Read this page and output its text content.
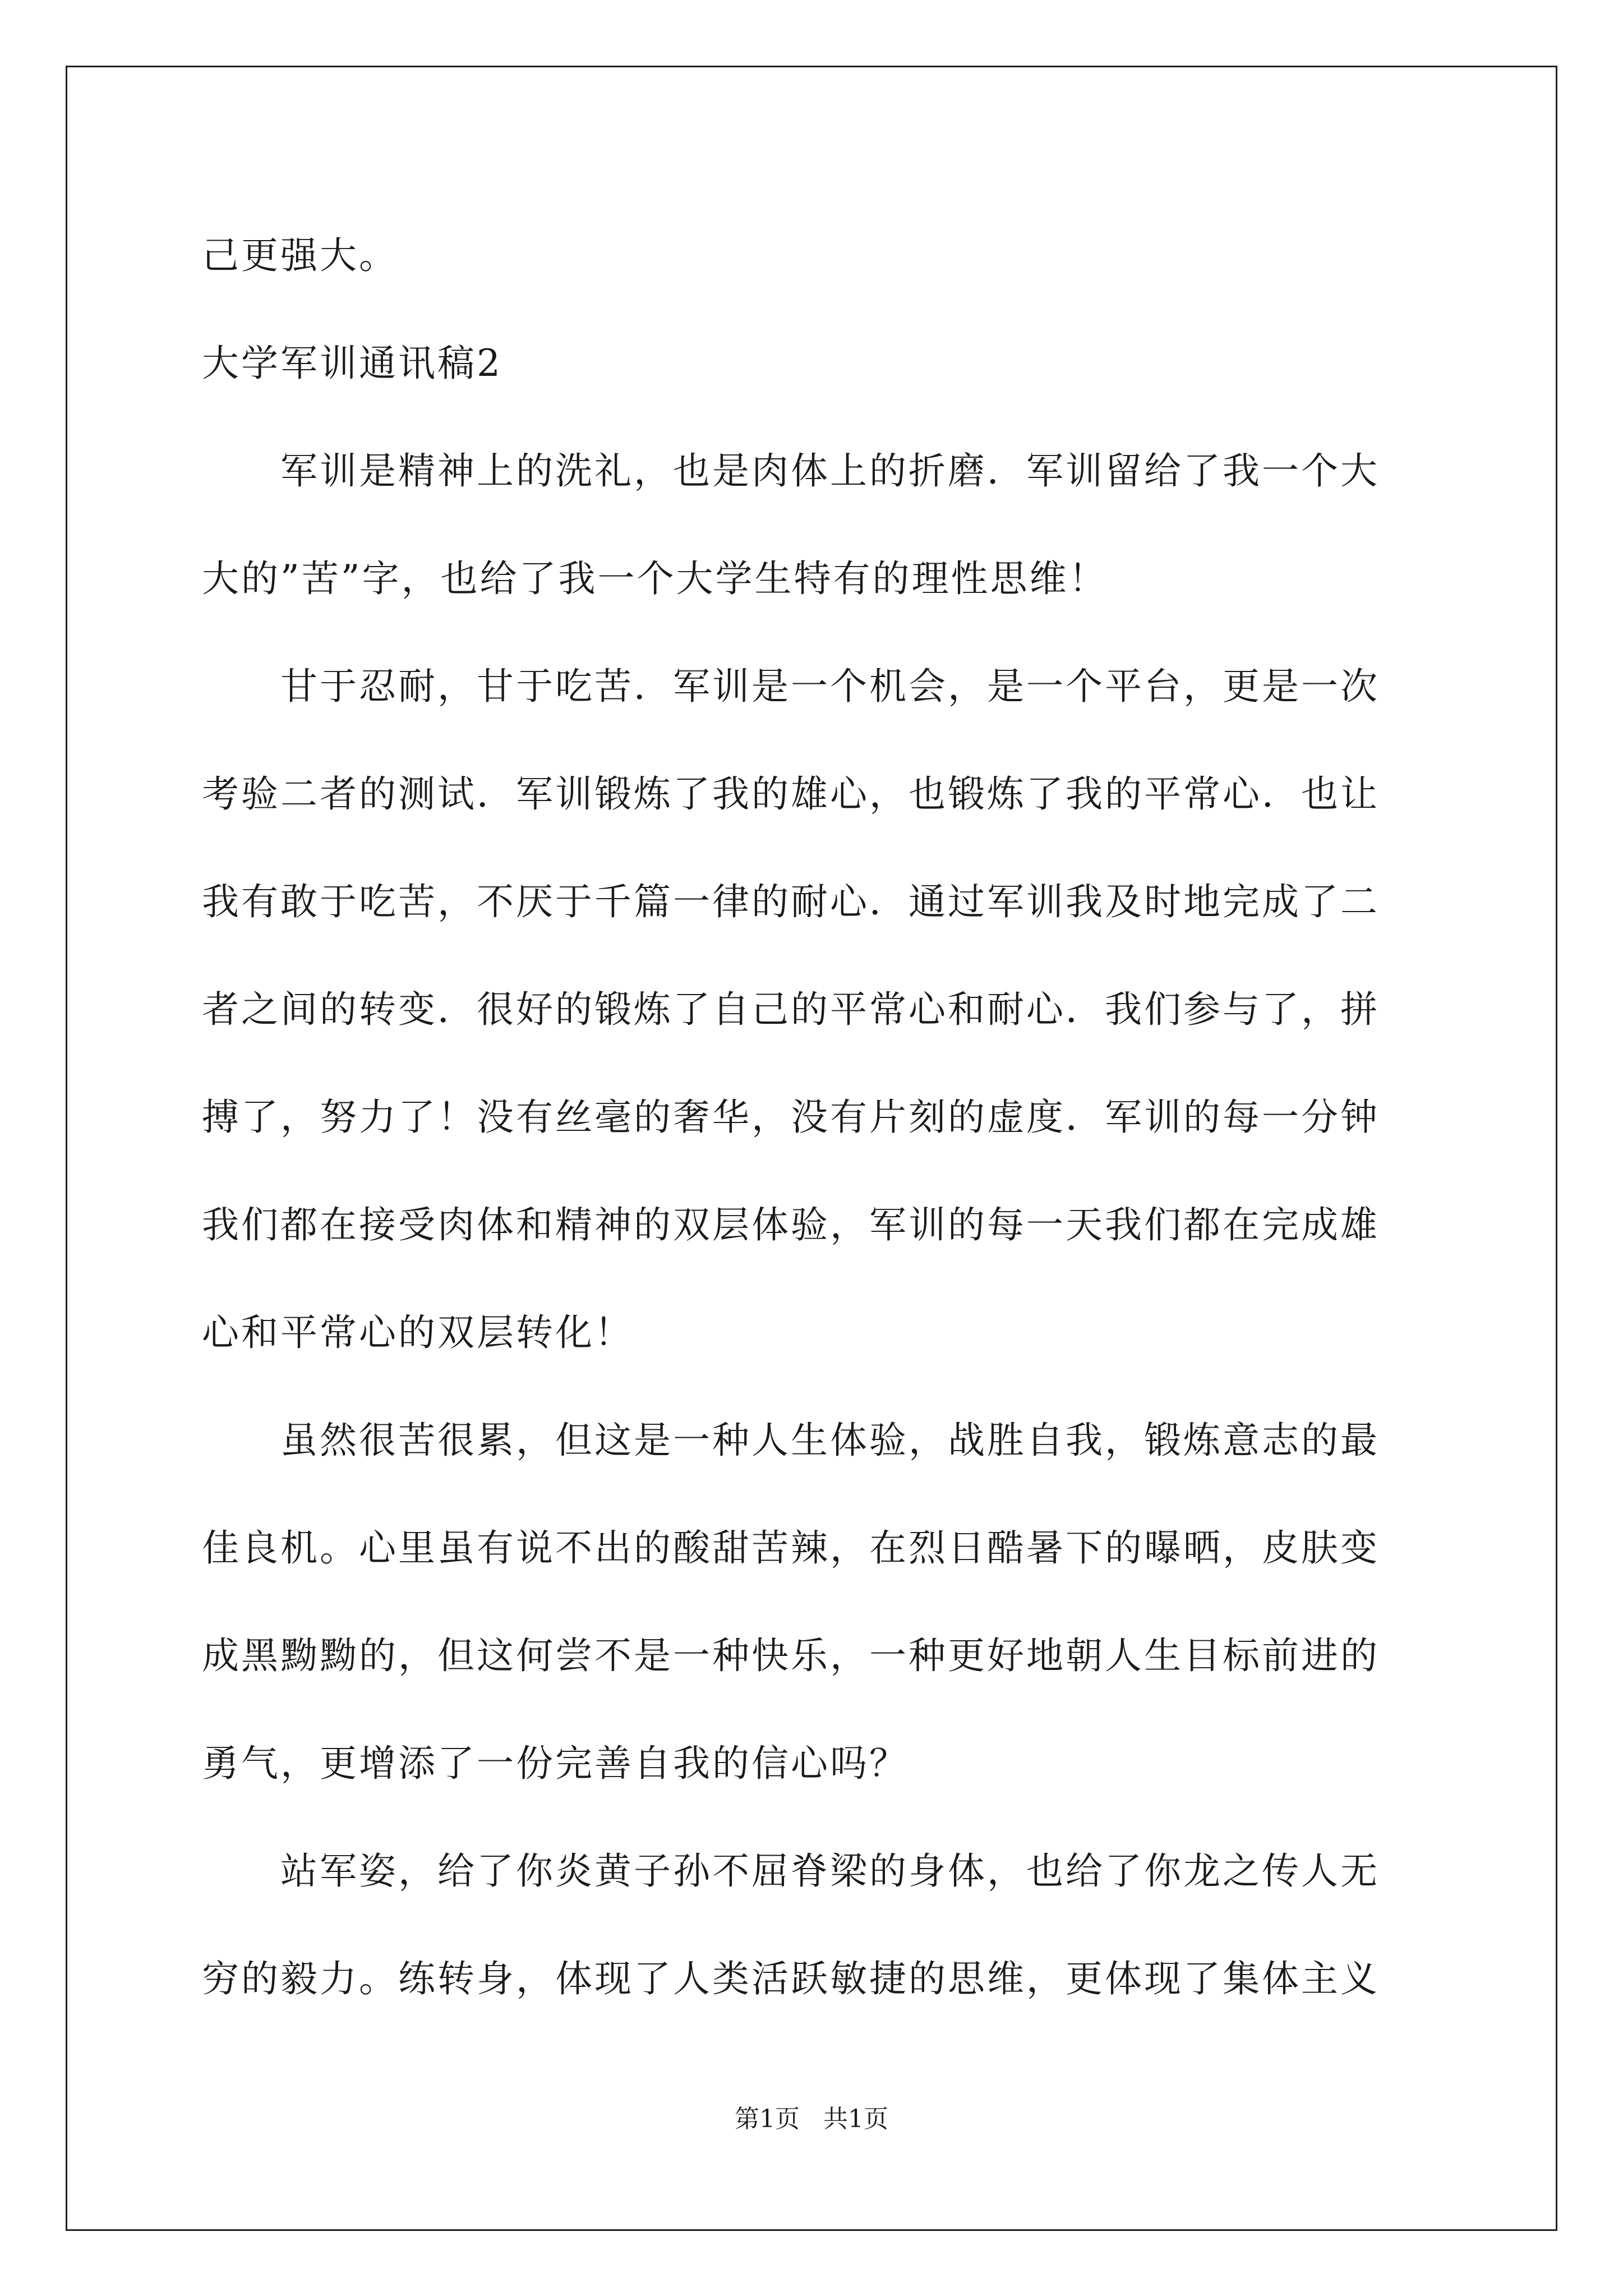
己更强大。

大学军训通讯稿2

军训是精神上的洗礼，也是肉体上的折磨．军训留给了我一个大

大的”苦”字，也给了我一个大学生特有的理性思维！

甘于忍耐，甘于吃苦．军训是一个机会，是一个平台，更是一次

考验二者的测试．军训锻炼了我的雄心，也锻炼了我的平常心．也让

我有敢于吃苦，不厌于千篇一律的耐心．通过军训我及时地完成了二

者之间的转变．很好的锻炼了自己的平常心和耐心．我们参与了，拼

搏了，努力了！没有丝毫的奢华，没有片刻的虚度．军训的每一分钟

我们都在接受肉体和精神的双层体验，军训的每一天我们都在完成雄

心和平常心的双层转化！

虽然很苦很累，但这是一种人生体验，战胜自我，锻炼意志的最

佳良机。心里虽有说不出的酸甜苦辣，在烈日酷暑下的曝晒，皮肤变

成黑黝黝的，但这何尝不是一种快乐，一种更好地朝人生目标前进的

勇气，更增添了一份完善自我的信心吗？

站军姿，给了你炎黄子孙不屈脊梁的身体，也给了你龙之传人无

穷的毅力。练转身，体现了人类活跃敏捷的思维，更体现了集体主义

第1页 共1页
